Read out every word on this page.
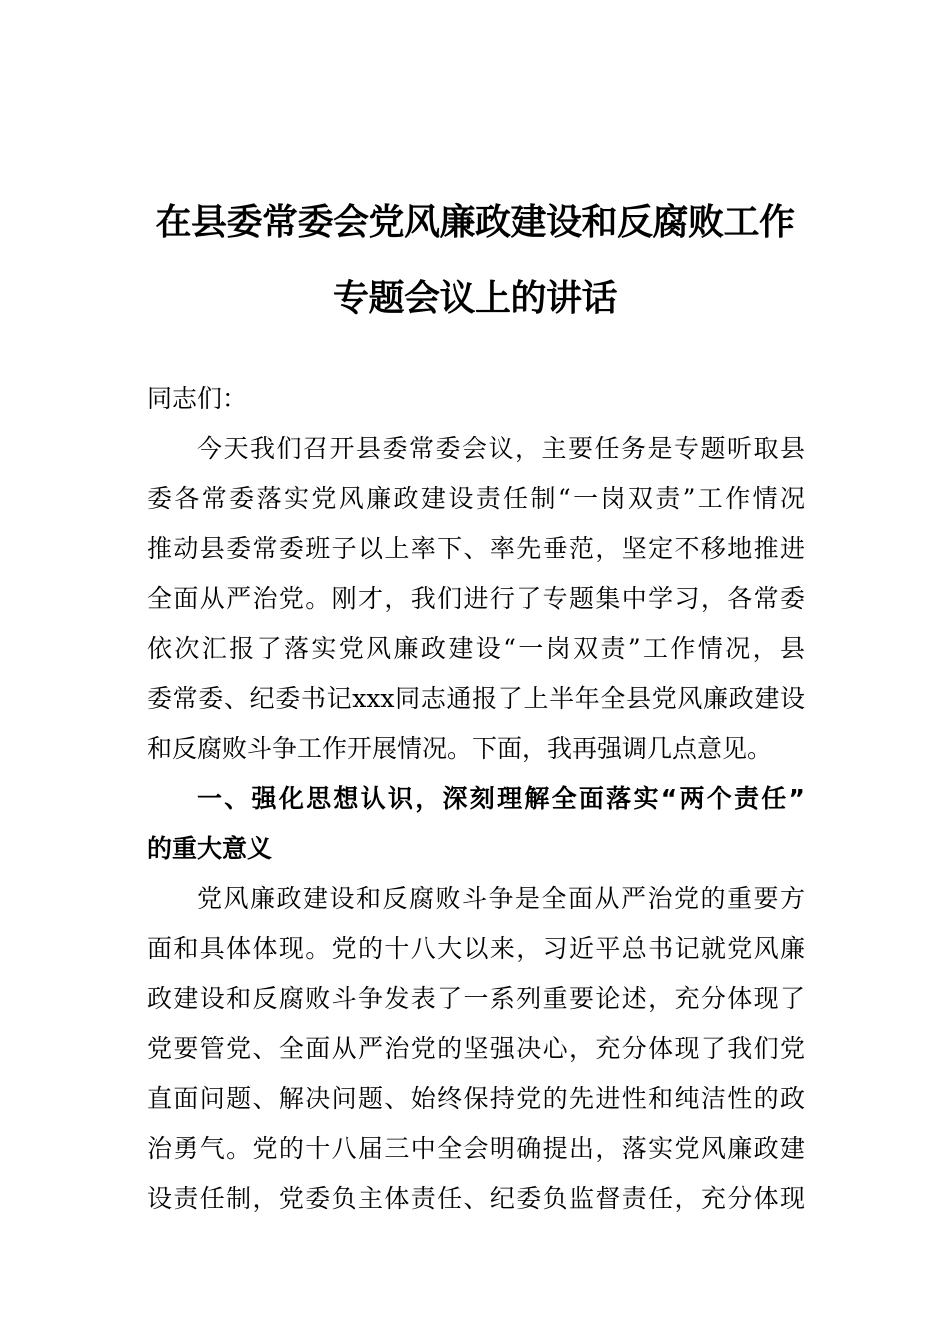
在县委常委会党风廉政建设和反腐败工作
专题会议上的讲话
同志们：
今天我们召开县委常委会议，主要任务是专题听取县
委各常委落实党风廉政建设责任制“一岗双责”工作情况
推动县委常委班子以上率下、率先垂范，坚定不移地推进
全面从严治党。刚才，我们进行了专题集中学习，各常委
依次汇报了落实党风廉政建设“一岗双责”工作情况，县
委常委、纪委书记xxx同志通报了上半年全县党风廉政建设
和反腐败斗争工作开展情况。下面，我再强调几点意见。
一、强化思想认识，深刻理解全面落实“两个责任”
的重大意义
党风廉政建设和反腐败斗争是全面从严治党的重要方
面和具体体现。党的十八大以来，习近平总书记就党风廉
政建设和反腐败斗争发表了一系列重要论述，充分体现了
党要管党、全面从严治党的坚强决心，充分体现了我们党
直面问题、解决问题、始终保持党的先进性和纯洁性的政
治勇气。党的十八届三中全会明确提出，落实党风廉政建
设责任制，党委负主体责任、纪委负监督责任，充分体现
